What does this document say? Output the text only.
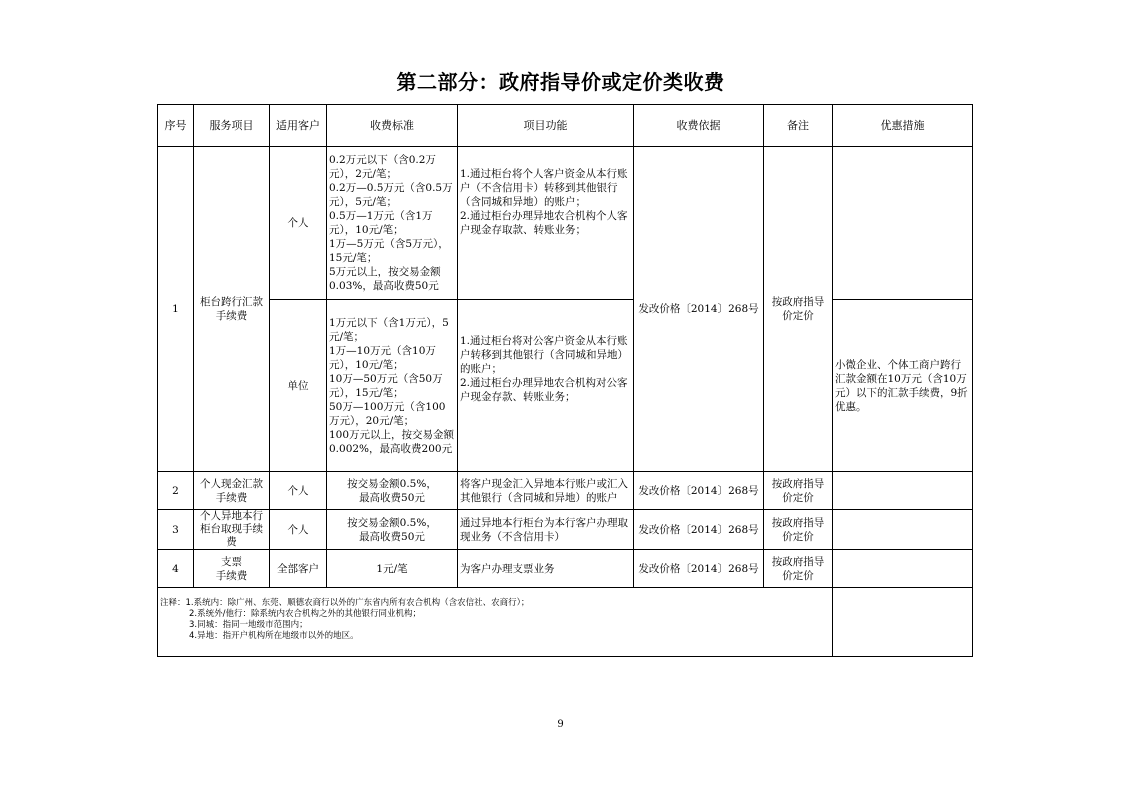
第二部分：政府指导价或定价类收费
序号	服务项目	适用客户	收费标准	项目功能	收费依据	备注	优惠措施
1	柜台跨行汇款
手续费	个人	0.2万元以下（含0.2万元），2元/笔；
0.2万—0.5万元（含0.5万元），5元/笔；
0.5万—1万元（含1万元），10元/笔；
1万—5万元（含5万元），15元/笔；
5万元以上，按交易金额0.03%，最高收费50元	1.通过柜台将个人客户资金从本行账户（不含信用卡）转移到其他银行（含同城和异地）的账户；
2.通过柜台办理异地农合机构个人客户现金存取款、转账业务；	发改价格〔2014〕268号	按政府指导
价定价	
		单位	1万元以下（含1万元），5元/笔；
1万—10万元（含10万元），10元/笔；
10万—50万元（含50万元），15元/笔；
50万—100万元（含100万元），20元/笔；
100万元以上，按交易金额0.002%，最高收费200元	1.通过柜台将对公客户资金从本行账户转移到其他银行（含同城和异地）的账户；
2.通过柜台办理异地农合机构对公客户现金存款、转账业务；			小微企业、个体工商户跨行汇款金额在10万元（含10万元）以下的汇款手续费，9折优惠。
2	个人现金汇款
手续费	个人	按交易金额0.5%，
最高收费50元	将客户现金汇入异地本行账户或汇入其他银行（含同城和异地）的账户	发改价格〔2014〕268号	按政府指导
价定价	
3	个人异地本行
柜台取现手续
费	个人	按交易金额0.5%，
最高收费50元	通过异地本行柜台为本行客户办理取现业务（不含信用卡）	发改价格〔2014〕268号	按政府指导
价定价	
4	支票
手续费	全部客户	1元/笔	为客户办理支票业务	发改价格〔2014〕268号	按政府指导
价定价	

注释：1.系统内：除广州、东莞、顺德农商行以外的广东省内所有农合机构（含农信社、农商行）；
2.系统外/他行：除系统内农合机构之外的其他银行同业机构；
3.同城：指同一地级市范围内；
4.异地：指开户机构所在地级市以外的地区。							

9
